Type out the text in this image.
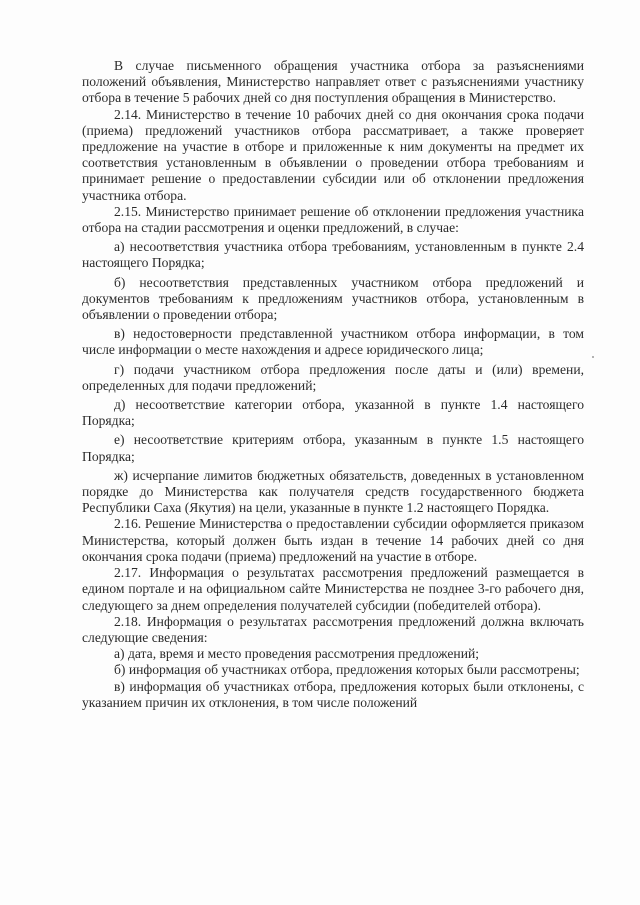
В случае письменного обращения участника отбора за разъяснениями положений объявления, Министерство направляет ответ с разъяснениями участнику отбора в течение 5 рабочих дней со дня поступления обращения в Министерство.

2.14. Министерство в течение 10 рабочих дней со дня окончания срока подачи (приема) предложений участников отбора рассматривает, а также проверяет предложение на участие в отборе и приложенные к ним документы на предмет их соответствия установленным в объявлении о проведении отбора требованиям и принимает решение о предоставлении субсидии или об отклонении предложения участника отбора.

2.15. Министерство принимает решение об отклонении предложения участника отбора на стадии рассмотрения и оценки предложений, в случае:

а) несоответствия участника отбора требованиям, установленным в пункте 2.4 настоящего Порядка;

б) несоответствия представленных участником отбора предложений и документов требованиям к предложениям участников отбора, установленным в объявлении о проведении отбора;

в) недостоверности представленной участником отбора информации, в том числе информации о месте нахождения и адресе юридического лица;

г) подачи участником отбора предложения после даты и (или) времени, определенных для подачи предложений;

д) несоответствие категории отбора, указанной в пункте 1.4 настоящего Порядка;

е) несоответствие критериям отбора, указанным в пункте 1.5 настоящего Порядка;

ж) исчерпание лимитов бюджетных обязательств, доведенных в установленном порядке до Министерства как получателя средств государственного бюджета Республики Саха (Якутия) на цели, указанные в пункте 1.2 настоящего Порядка.

2.16. Решение Министерства о предоставлении субсидии оформляется приказом Министерства, который должен быть издан в течение 14 рабочих дней со дня окончания срока подачи (приема) предложений на участие в отборе.

2.17. Информация о результатах рассмотрения предложений размещается в едином портале и на официальном сайте Министерства не позднее 3-го рабочего дня, следующего за днем определения получателей субсидии (победителей отбора).

2.18. Информация о результатах рассмотрения предложений должна включать следующие сведения:

а) дата, время и место проведения рассмотрения предложений;

б) информация об участниках отбора, предложения которых были рассмотрены;

в) информация об участниках отбора, предложения которых были отклонены, с указанием причин их отклонения, в том числе положений
